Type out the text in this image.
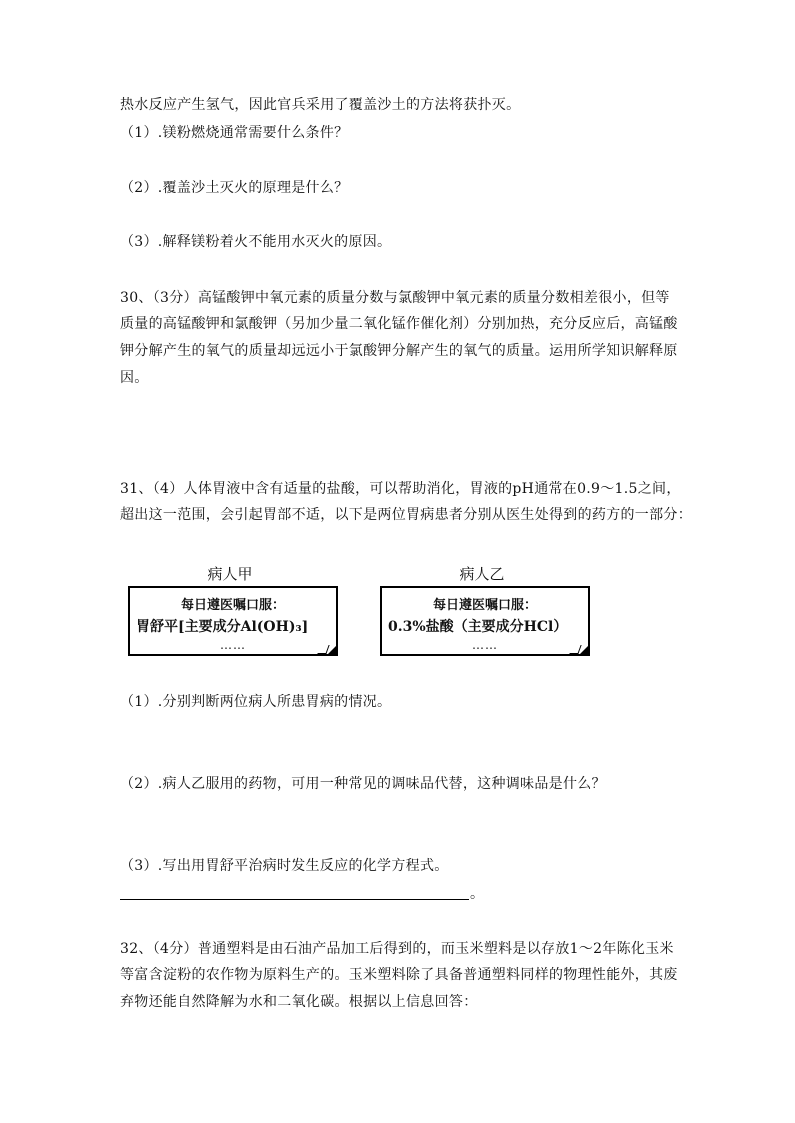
热水反应产生氢气，因此官兵采用了覆盖沙土的方法将获扑灭。
（1）.镁粉燃烧通常需要什么条件？
（2）.覆盖沙土灭火的原理是什么？
（3）.解释镁粉着火不能用水灭火的原因。
30、（3分）高锰酸钾中氧元素的质量分数与氯酸钾中氧元素的质量分数相差很小，但等
质量的高锰酸钾和氯酸钾（另加少量二氧化锰作催化剂）分别加热，充分反应后，高锰酸
钾分解产生的氧气的质量却远远小于氯酸钾分解产生的氧气的质量。运用所学知识解释原
因。
31、（4）人体胃液中含有适量的盐酸，可以帮助消化，胃液的pH通常在0.9～1.5之间，
超出这一范围，会引起胃部不适，以下是两位胃病患者分别从医生处得到的药方的一部分：
病人甲
每日遵医嘱口服：
胃舒平[主要成分Al(OH)₃]
……
病人乙
每日遵医嘱口服：
0.3%盐酸（主要成分HCl）
……
（1）.分别判断两位病人所患胃病的情况。
（2）.病人乙服用的药物，可用一种常见的调味品代替，这种调味品是什么？
（3）.写出用胃舒平治病时发生反应的化学方程式。
。
32、（4分）普通塑料是由石油产品加工后得到的，而玉米塑料是以存放1～2年陈化玉米
等富含淀粉的农作物为原料生产的。玉米塑料除了具备普通塑料同样的物理性能外，其废
弃物还能自然降解为水和二氧化碳。根据以上信息回答：
